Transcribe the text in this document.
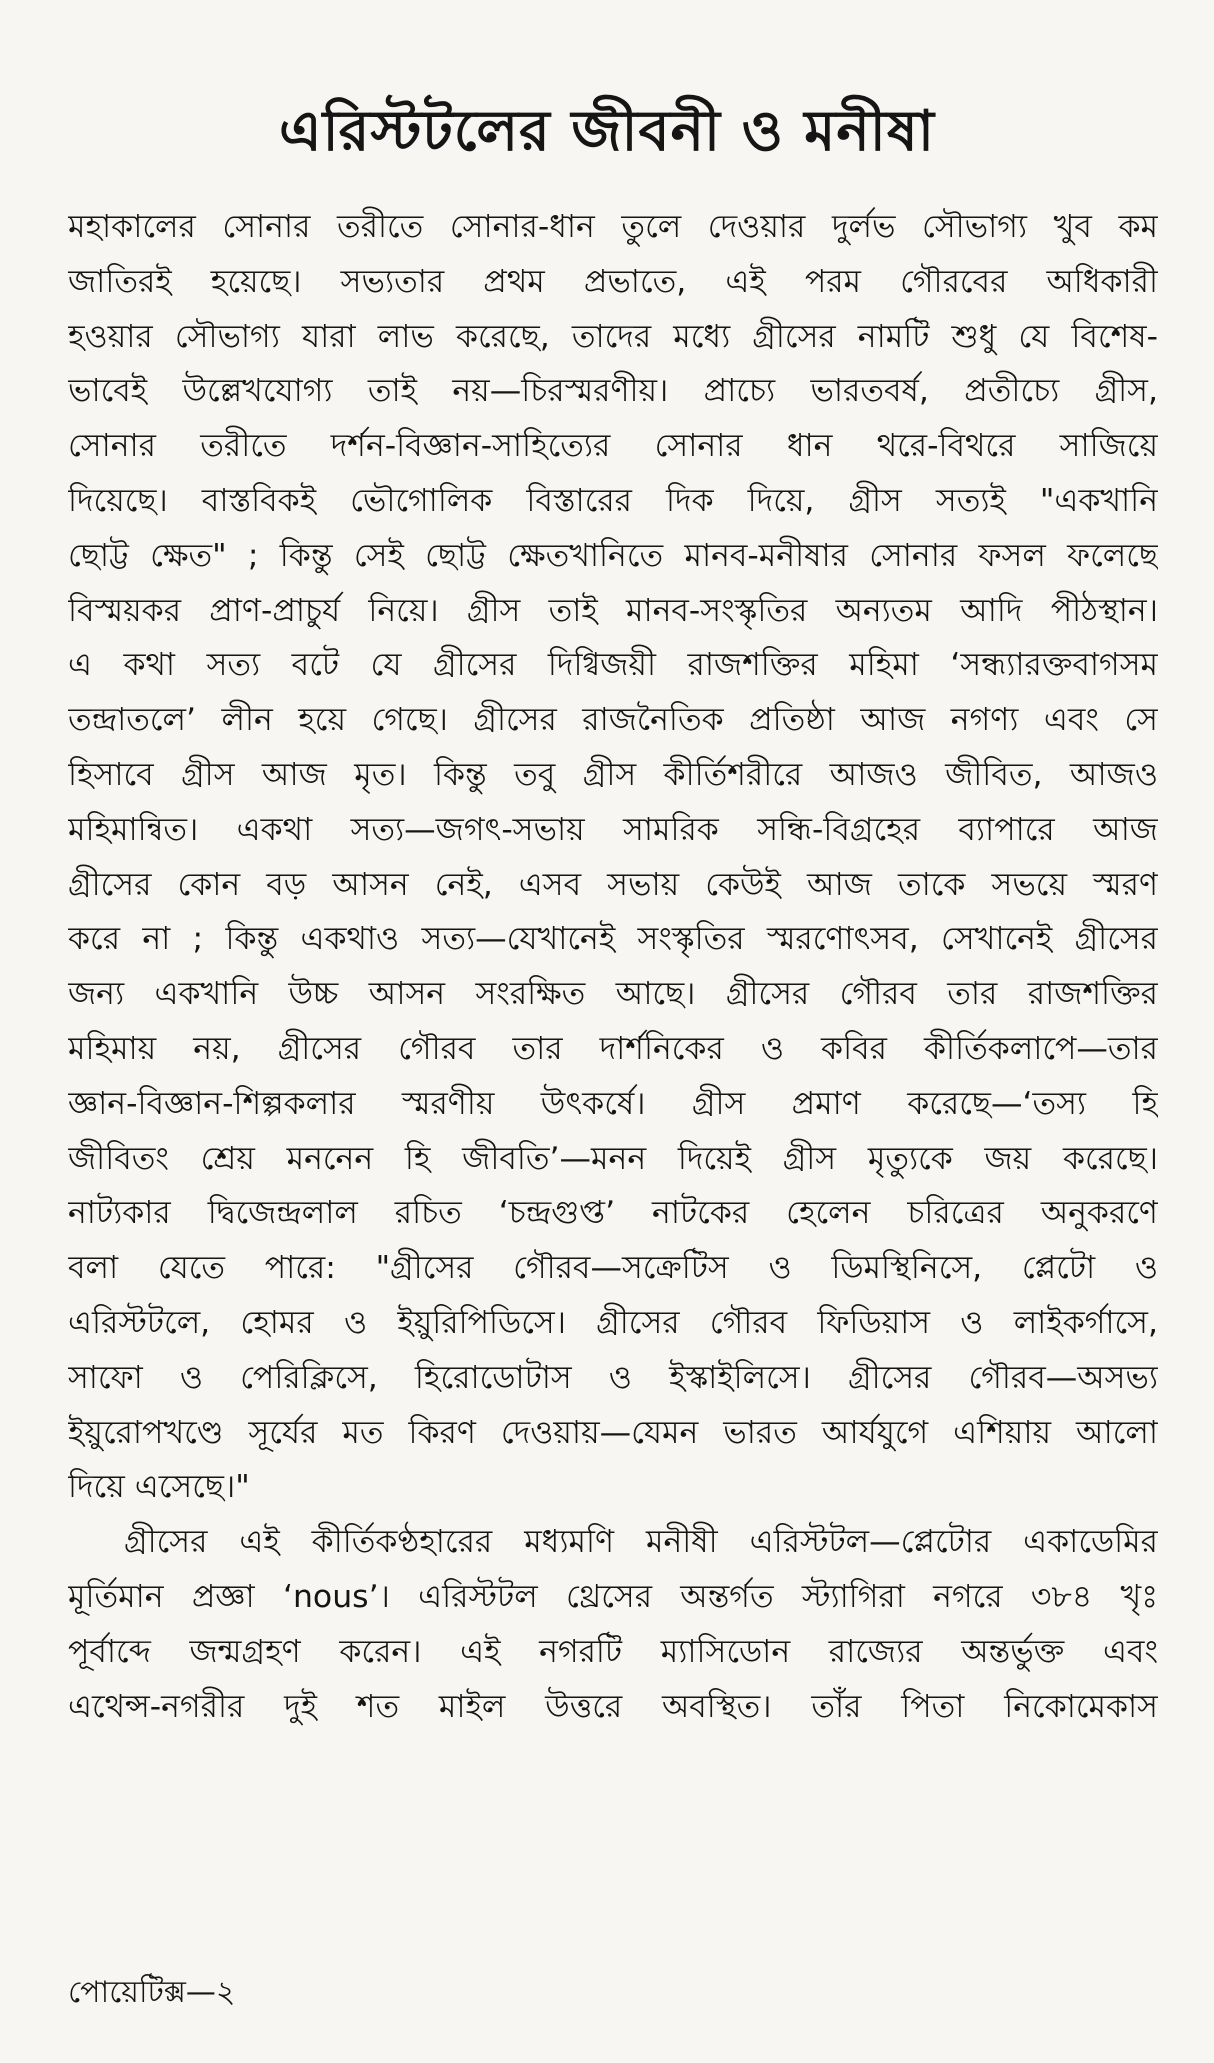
এরিস্টটলের জীবনী ও মনীষা
মহাকালের সোনার তরীতে সোনার-ধান তুলে দেওয়ার দুর্লভ সৌভাগ্য খুব কম
জাতিরই হয়েছে। সভ্যতার প্রথম প্রভাতে, এই পরম গৌরবের অধিকারী
হওয়ার সৌভাগ্য যারা লাভ করেছে, তাদের মধ্যে গ্রীসের নামটি শুধু যে বিশেষ-
ভাবেই উল্লেখযোগ্য তাই নয়—চিরস্মরণীয়। প্রাচ্যে ভারতবর্ষ, প্রতীচ্যে গ্রীস,
সোনার তরীতে দর্শন-বিজ্ঞান-সাহিত্যের সোনার ধান থরে-বিথরে সাজিয়ে
দিয়েছে। বাস্তবিকই ভৌগোলিক বিস্তারের দিক দিয়ে, গ্রীস সত্যই "একখানি
ছোট্ট ক্ষেত" ; কিন্তু সেই ছোট্ট ক্ষেতখানিতে মানব-মনীষার সোনার ফসল ফলেছে
বিস্ময়কর প্রাণ-প্রাচুর্য নিয়ে। গ্রীস তাই মানব-সংস্কৃতির অন্যতম আদি পীঠস্থান।
এ কথা সত্য বটে যে গ্রীসের দিগ্বিজয়ী রাজশক্তির মহিমা ‘সন্ধ্যারক্তবাগসম
তন্দ্রাতলে’ লীন হয়ে গেছে। গ্রীসের রাজনৈতিক প্রতিষ্ঠা আজ নগণ্য এবং সে
হিসাবে গ্রীস আজ মৃত। কিন্তু তবু গ্রীস কীর্তিশরীরে আজও জীবিত, আজও
মহিমান্বিত। একথা সত্য—জগৎ-সভায় সামরিক সন্ধি-বিগ্রহের ব্যাপারে আজ
গ্রীসের কোন বড় আসন নেই, এসব সভায় কেউই আজ তাকে সভয়ে স্মরণ
করে না ; কিন্তু একথাও সত্য—যেখানেই সংস্কৃতির স্মরণোৎসব, সেখানেই গ্রীসের
জন্য একখানি উচ্চ আসন সংরক্ষিত আছে। গ্রীসের গৌরব তার রাজশক্তির
মহিমায় নয়, গ্রীসের গৌরব তার দার্শনিকের ও কবির কীর্তিকলাপে—তার
জ্ঞান-বিজ্ঞান-শিল্পকলার স্মরণীয় উৎকর্ষে। গ্রীস প্রমাণ করেছে—‘তস্য হি
জীবিতং শ্রেয় মননেন হি জীবতি’—মনন দিয়েই গ্রীস মৃত্যুকে জয় করেছে।
নাট্যকার দ্বিজেন্দ্রলাল রচিত ‘চন্দ্রগুপ্ত’ নাটকের হেলেন চরিত্রের অনুকরণে
বলা যেতে পারে: "গ্রীসের গৌরব—সক্রেটিস ও ডিমস্থিনিসে, প্লেটো ও
এরিস্টটলে, হোমর ও ইয়ুরিপিডিসে। গ্রীসের গৌরব ফিডিয়াস ও লাইকর্গাসে,
সাফো ও পেরিক্লিসে, হিরোডোটাস ও ইস্কাইলিসে। গ্রীসের গৌরব—অসভ্য
ইয়ুরোপখণ্ডে সূর্যের মত কিরণ দেওয়ায়—যেমন ভারত আর্যযুগে এশিয়ায় আলো
দিয়ে এসেছে।"
গ্রীসের এই কীর্তিকণ্ঠহারের মধ্যমণি মনীষী এরিস্টটল—প্লেটোর একাডেমির
মূর্তিমান প্রজ্ঞা ‘nous’। এরিস্টটল থ্রেসের অন্তর্গত স্ট্যাগিরা নগরে ৩৮৪ খৃঃ
পূর্বাব্দে জন্মগ্রহণ করেন। এই নগরটি ম্যাসিডোন রাজ্যের অন্তর্ভুক্ত এবং
এথেন্স-নগরীর দুই শত মাইল উত্তরে অবস্থিত। তাঁর পিতা নিকোমেকাস
পোয়েটিক্স—২
